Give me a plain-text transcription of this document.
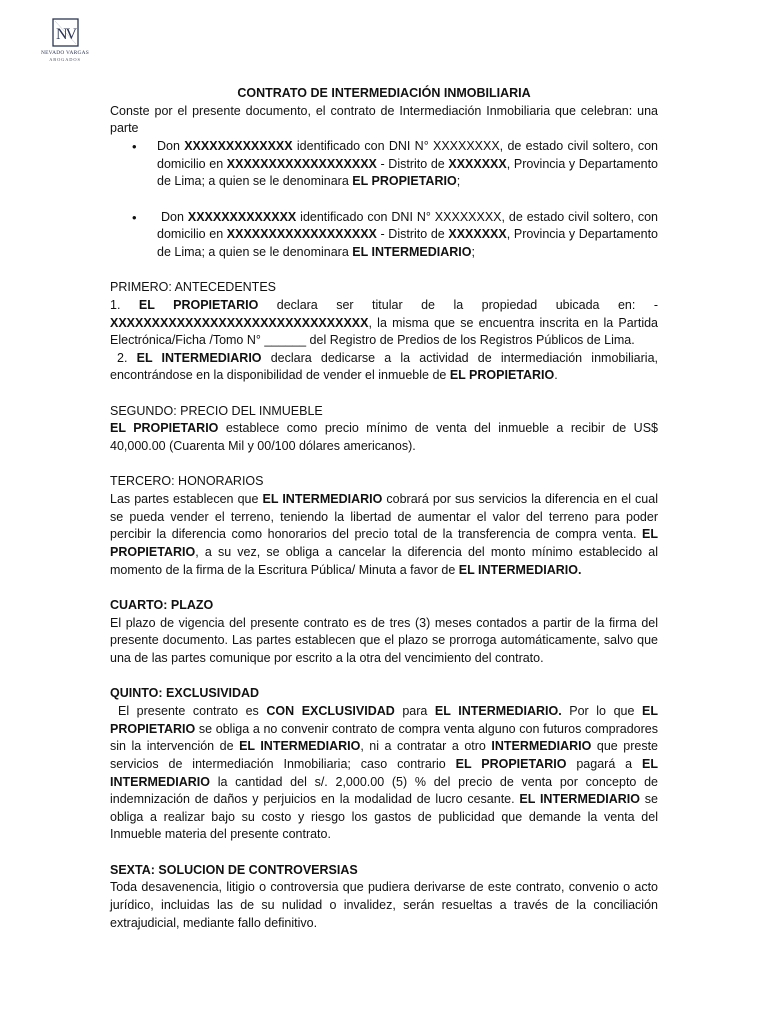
NV
NEVADO VARGAS
ABOGADOS
CONTRATO DE INTERMEDIACIÓN INMOBILIARIA

Conste por el presente documento, el contrato de Intermediación Inmobiliaria que celebran: una parte

•

Don XXXXXXXXXXXXX identificado con DNI N° XXXXXXXX, de estado civil soltero, con domicilio en XXXXXXXXXXXXXXXXXX - Distrito de XXXXXXX, Provincia y Departamento de Lima; a quien se le denominara EL PROPIETARIO;

•

Don XXXXXXXXXXXXX identificado con DNI N° XXXXXXXX, de estado civil soltero, con domicilio en XXXXXXXXXXXXXXXXXX - Distrito de XXXXXXX, Provincia y Departamento de Lima; a quien se le denominara EL INTERMEDIARIO;

PRIMERO: ANTECEDENTES

1. EL PROPIETARIO declara ser titular de la propiedad ubicada en: - XXXXXXXXXXXXXXXXXXXXXXXXXXXXXXX, la misma que se encuentra inscrita en la Partida Electrónica/Ficha /Tomo N° ______ del Registro de Predios de los Registros Públicos de Lima.

2. EL INTERMEDIARIO declara dedicarse a la actividad de intermediación inmobiliaria, encontrándose en la disponibilidad de vender el inmueble de EL PROPIETARIO.

SEGUNDO: PRECIO DEL INMUEBLE

EL PROPIETARIO establece como precio mínimo de venta del inmueble a recibir de US$ 40,000.00 (Cuarenta Mil y 00/100 dólares americanos).

TERCERO: HONORARIOS

Las partes establecen que EL INTERMEDIARIO cobrará por sus servicios la diferencia en el cual se pueda vender el terreno, teniendo la libertad de aumentar el valor del terreno para poder percibir la diferencia como honorarios del precio total de la transferencia de compra venta. EL PROPIETARIO, a su vez, se obliga a cancelar la diferencia del monto mínimo establecido al momento de la firma de la Escritura Pública/ Minuta a favor de EL INTERMEDIARIO.

CUARTO: PLAZO

El plazo de vigencia del presente contrato es de tres (3) meses contados a partir de la firma del presente documento. Las partes establecen que el plazo se prorroga automáticamente, salvo que una de las partes comunique por escrito a la otra del vencimiento del contrato.

QUINTO: EXCLUSIVIDAD

El presente contrato es CON EXCLUSIVIDAD para EL INTERMEDIARIO. Por lo que EL PROPIETARIO se obliga a no convenir contrato de compra venta alguno con futuros compradores sin la intervención de EL INTERMEDIARIO, ni a contratar a otro INTERMEDIARIO que preste servicios de intermediación Inmobiliaria; caso contrario EL PROPIETARIO pagará a EL INTERMEDIARIO la cantidad del s/. 2,000.00 (5) % del precio de venta por concepto de indemnización de daños y perjuicios en la modalidad de lucro cesante. EL INTERMEDIARIO se obliga a realizar bajo su costo y riesgo los gastos de publicidad que demande la venta del Inmueble materia del presente contrato.

SEXTA: SOLUCION DE CONTROVERSIAS

Toda desavenencia, litigio o controversia que pudiera derivarse de este contrato, convenio o acto jurídico, incluidas las de su nulidad o invalidez, serán resueltas a través de la conciliación extrajudicial, mediante fallo definitivo.
